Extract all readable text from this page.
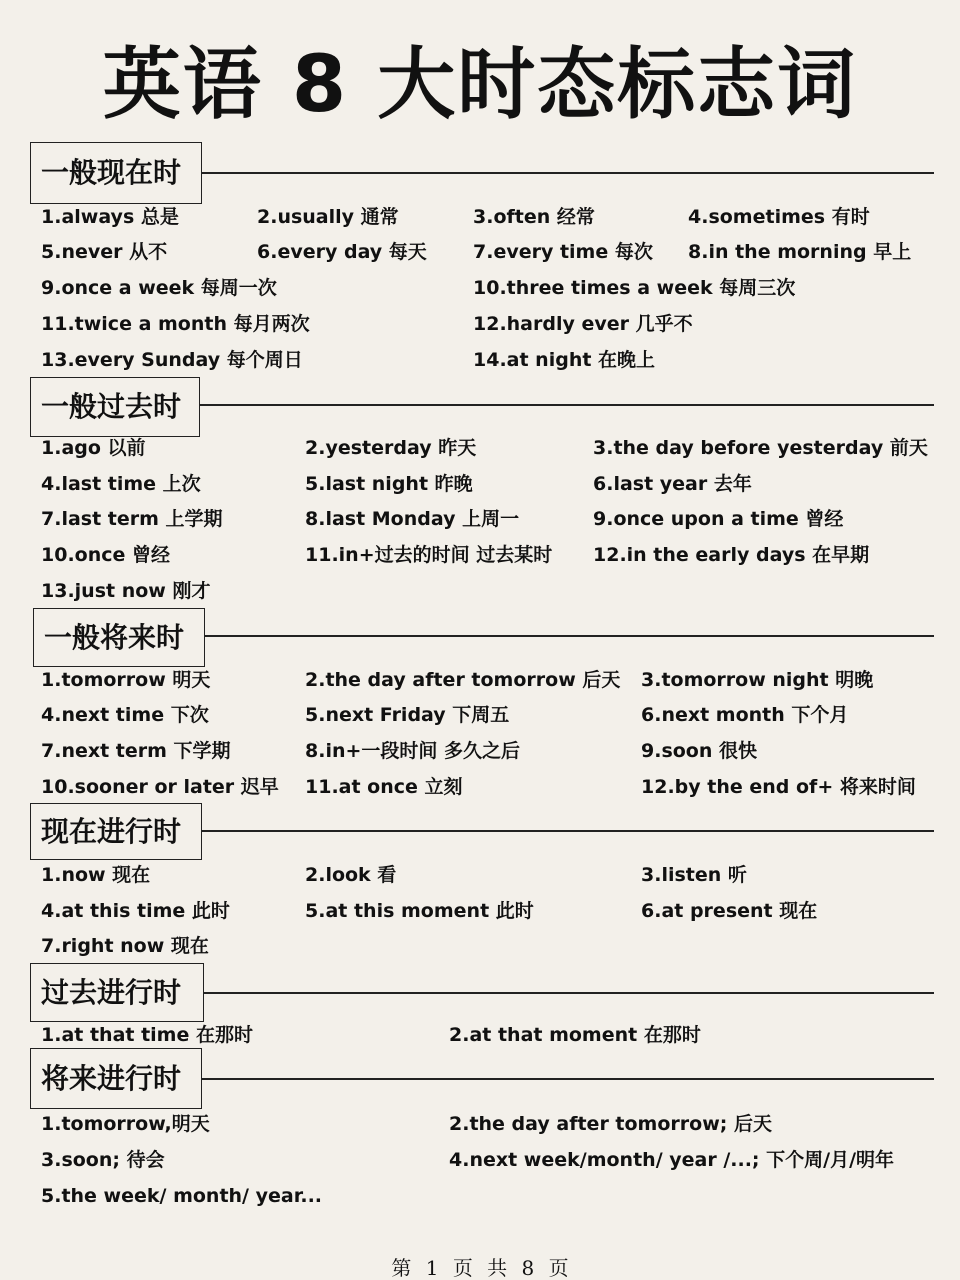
英语 8 大时态标志词
一般现在时
1.always 总是	2.usually 通常	3.often 经常	4.sometimes 有时
5.never 从不	6.every day 每天 7.every time 每次 8.in the morning 早上
9.once a week 每周一次	10.three times a week 每周三次
11.twice a month 每月两次	12.hardly ever 几乎不
13.every Sunday 每个周日	14.at night 在晚上
一般过去时
1.ago 以前	2.yesterday 昨天	3.the day before yesterday 前天
4.last time 上次	5.last night 昨晚	6.last year 去年
7.last term 上学期	8.last Monday 上周一	9.once upon a time 曾经
10.once 曾经	11.in+过去的时间 过去某时 12.in the early days 在早期
13.just now 刚才
一般将来时
1.tomorrow 明天	2.the day after tomorrow 后天 3.tomorrow night 明晚
4.next time 下次	5.next Friday 下周五	6.next month 下个月
7.next term 下学期	8.in+一段时间 多久之后	9.soon 很快
10.sooner or later 迟早 11.at once 立刻	12.by the end of+ 将来时间
现在进行时
1.now 现在	2.look 看	3.listen 听
4.at this time 此时	5.at this moment 此时	6.at present 现在
7.right now 现在
过去进行时
1.at that time 在那时	2.at that moment 在那时
将来进行时
1.tomorrow,明天	2.the day after tomorrow; 后天
3.soon; 待会	4.next week/month/ year /...; 下个周/月/明年
5.the week/ month/ year...
第 1 页 共 8 页
